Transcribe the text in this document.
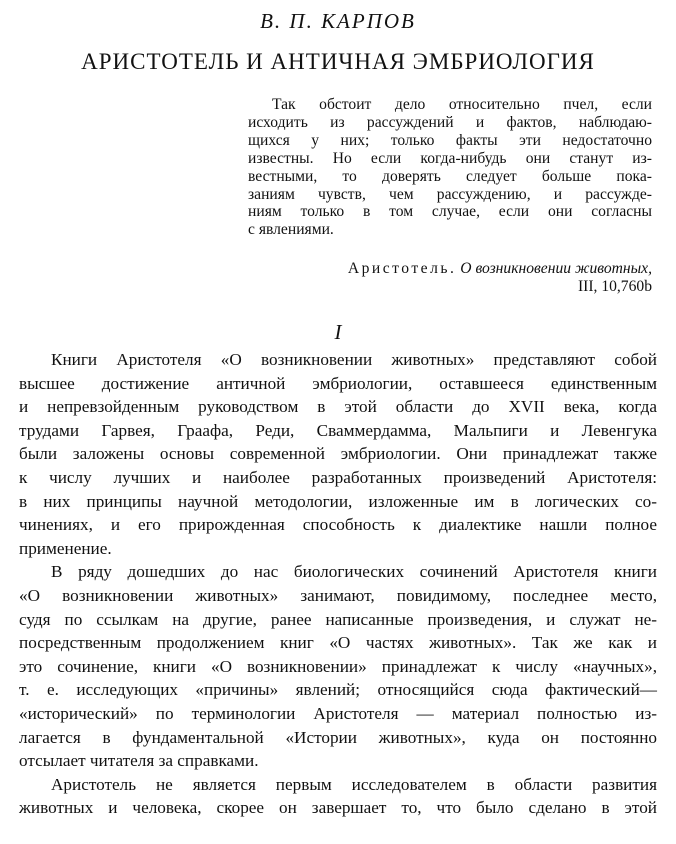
В. П. КАРПОВ
АРИСТОТЕЛЬ И АНТИЧНАЯ ЭМБРИОЛОГИЯ
Так обстоит дело относительно пчел, если
исходить из рассуждений и фактов, наблюдаю-
щихся у них; только факты эти недостаточно
известны. Но если когда-нибудь они станут из-
вестными, то доверять следует больше пока-
заниям чувств, чем рассуждению, и рассужде-
ниям только в том случае, если они согласны
с явлениями.
Аристотель. О возникновении животных,
III, 10,760b
I
Книги Аристотеля «О возникновении животных» представляют собой
высшее достижение античной эмбриологии, оставшееся единственным
и непревзойденным руководством в этой области до XVII века, когда
трудами Гарвея, Граафа, Реди, Сваммердамма, Мальпиги и Левенгука
были заложены основы современной эмбриологии. Они принадлежат также
к числу лучших и наиболее разработанных произведений Аристотеля:
в них принципы научной методологии, изложенные им в логических со-
чинениях, и его прирожденная способность к диалектике нашли полное
применение.
В ряду дошедших до нас биологических сочинений Аристотеля книги
«О возникновении животных» занимают, повидимому, последнее место,
судя по ссылкам на другие, ранее написанные произведения, и служат не-
посредственным продолжением книг «О частях животных». Так же как и
это сочинение, книги «О возникновении» принадлежат к числу «научных»,
т. е. исследующих «причины» явлений; относящийся сюда фактический—
«исторический» по терминологии Аристотеля — материал полностью из-
лагается в фундаментальной «Истории животных», куда он постоянно
отсылает читателя за справками.
Аристотель не является первым исследователем в области развития
животных и человека, скорее он завершает то, что было сделано в этой
